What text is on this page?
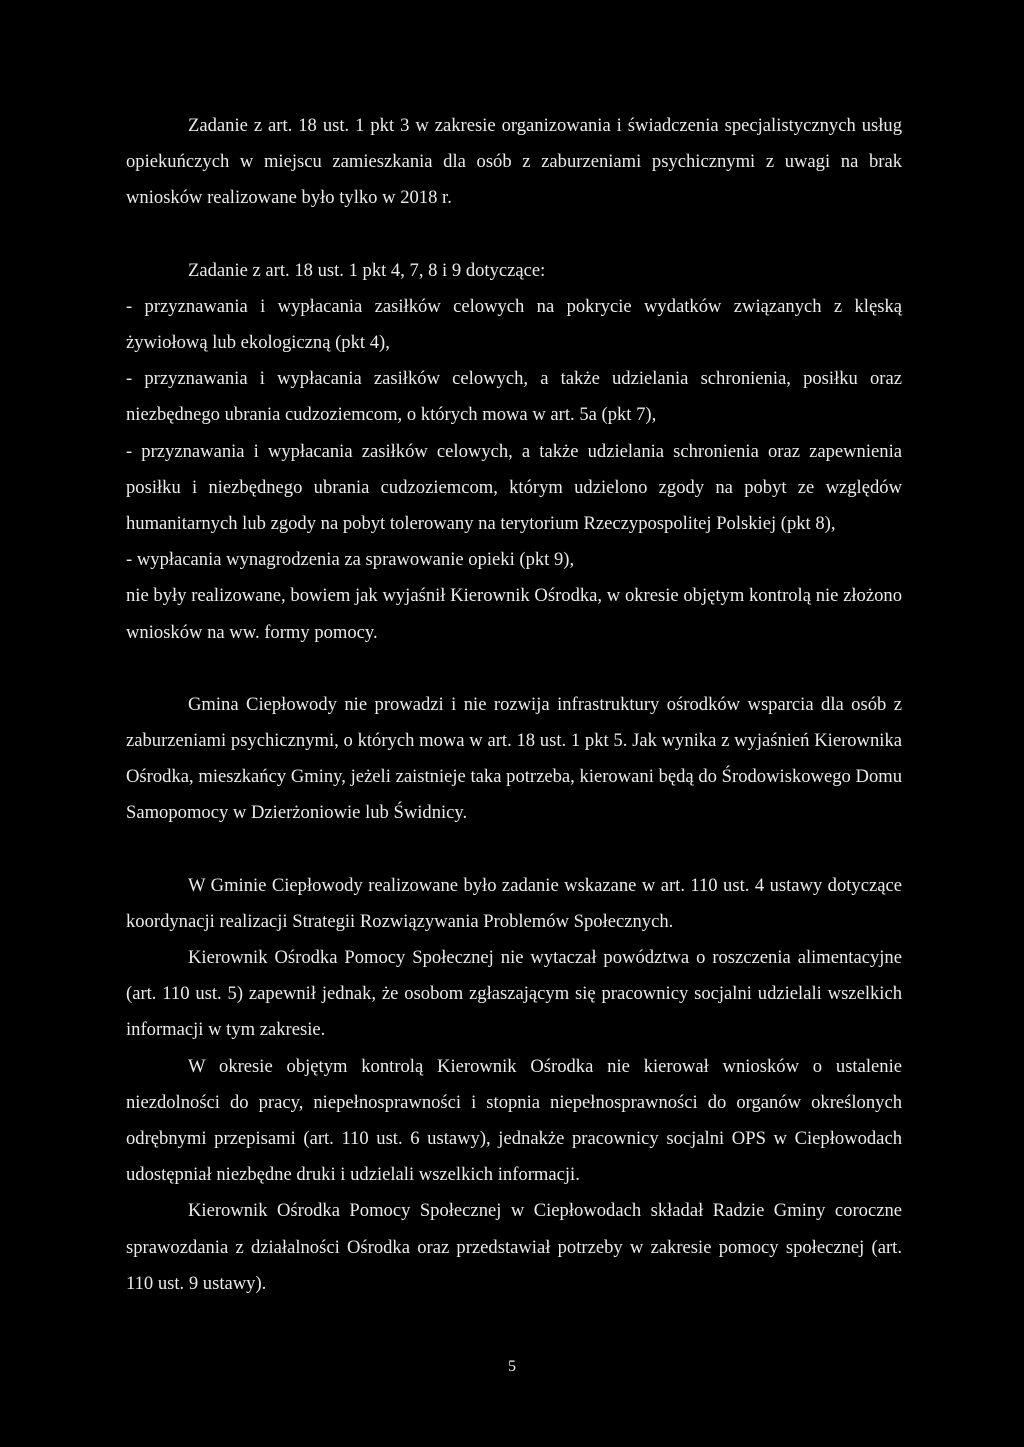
Zadanie z art. 18 ust. 1 pkt 3 w zakresie organizowania i świadczenia specjalistycznych usług opiekuńczych w miejscu zamieszkania dla osób z zaburzeniami psychicznymi z uwagi na brak wniosków realizowane było tylko w 2018 r.

Zadanie z art. 18 ust. 1 pkt 4, 7, 8 i 9 dotyczące:

- przyznawania i wypłacania zasiłków celowych na pokrycie wydatków związanych z klęską żywiołową lub ekologiczną (pkt 4),
- przyznawania i wypłacania zasiłków celowych, a także udzielania schronienia, posiłku oraz niezbędnego ubrania cudzoziemcom, o których mowa w art. 5a (pkt 7),
- przyznawania i wypłacania zasiłków celowych, a także udzielania schronienia oraz zapewnienia posiłku i niezbędnego ubrania cudzoziemcom, którym udzielono zgody na pobyt ze względów humanitarnych lub zgody na pobyt tolerowany na terytorium Rzeczypospolitej Polskiej (pkt 8),
- wypłacania wynagrodzenia za sprawowanie opieki (pkt 9),

nie były realizowane, bowiem jak wyjaśnił Kierownik Ośrodka, w okresie objętym kontrolą nie złożono wniosków na ww. formy pomocy.

Gmina Ciepłowody nie prowadzi i nie rozwija infrastruktury ośrodków wsparcia dla osób z zaburzeniami psychicznymi, o których mowa w art. 18 ust. 1 pkt 5. Jak wynika z wyjaśnień Kierownika Ośrodka, mieszkańcy Gminy, jeżeli zaistnieje taka potrzeba, kierowani będą do Środowiskowego Domu Samopomocy w Dzierżoniowie lub Świdnicy.

W Gminie Ciepłowody realizowane było zadanie wskazane w art. 110 ust. 4 ustawy dotyczące koordynacji realizacji Strategii Rozwiązywania Problemów Społecznych.

Kierownik Ośrodka Pomocy Społecznej nie wytaczał powództwa o roszczenia alimentacyjne (art. 110 ust. 5) zapewnił jednak, że osobom zgłaszającym się pracownicy socjalni udzielali wszelkich informacji w tym zakresie.

W okresie objętym kontrolą Kierownik Ośrodka nie kierował wniosków o ustalenie niezdolności do pracy, niepełnosprawności i stopnia niepełnosprawności do organów określonych odrębnymi przepisami (art. 110 ust. 6 ustawy), jednakże pracownicy socjalni OPS w Ciepłowodach udostępniał niezbędne druki i udzielali wszelkich informacji.

Kierownik Ośrodka Pomocy Społecznej w Ciepłowodach składał Radzie Gminy coroczne sprawozdania z działalności Ośrodka oraz przedstawiał potrzeby w zakresie pomocy społecznej (art. 110 ust. 9 ustawy).

5
